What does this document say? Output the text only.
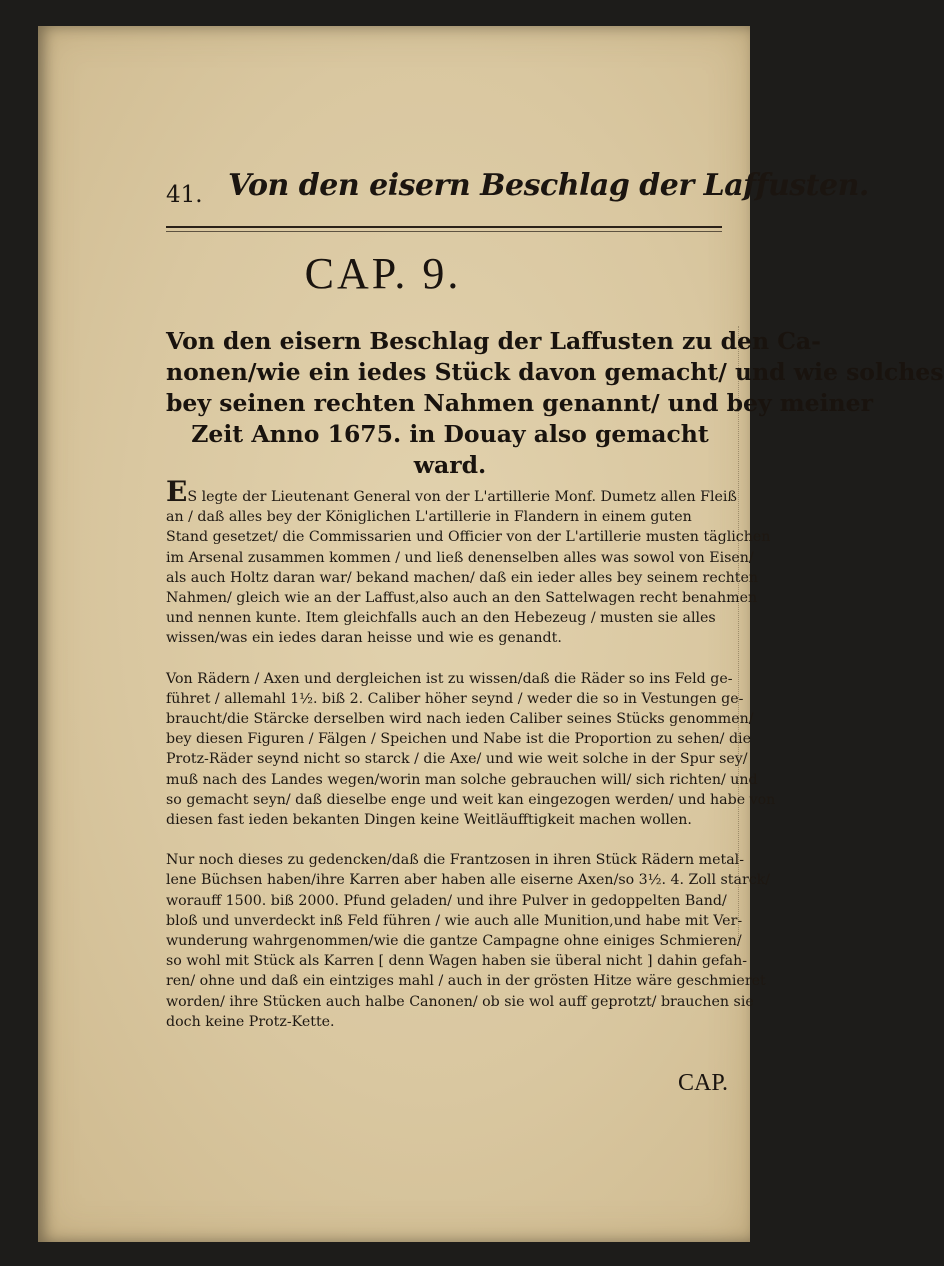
41. Von den eisern Beschlag der Laffusten.
CAP. 9.
Von den eisern Beschlag der Laffusten zu den Ca-
nonen/wie ein iedes Stück davon gemacht/ und wie solches
bey seinen rechten Nahmen genannt/ und bey meiner
Zeit Anno 1675. in Douay also gemacht
ward.
ES legte der Lieutenant General von der L'artillerie Monf. Dumetz allen Fleiß
an / daß alles bey der Königlichen L'artillerie in Flandern in einem guten
Stand gesetzet/ die Commissarien und Officier von der L'artillerie musten täglichen
im Arsenal zusammen kommen / und ließ denenselben alles was sowol von Eisen/
als auch Holtz daran war/ bekand machen/ daß ein ieder alles bey seinem rechten
Nahmen/ gleich wie an der Laffust,also auch an den Sattelwagen recht benahmen
und nennen kunte. Item gleichfalls auch an den Hebezeug / musten sie alles
wissen/was ein iedes daran heisse und wie es genandt.
Von Rädern / Axen und dergleichen ist zu wissen/daß die Räder so ins Feld ge-
führet / allemahl 1½. biß 2. Caliber höher seynd / weder die so in Vestungen ge-
braucht/die Stärcke derselben wird nach ieden Caliber seines Stücks genommen/
bey diesen Figuren / Fälgen / Speichen und Nabe ist die Proportion zu sehen/ die
Protz-Räder seynd nicht so starck / die Axe/ und wie weit solche in der Spur sey/
muß nach des Landes wegen/worin man solche gebrauchen will/ sich richten/ und
so gemacht seyn/ daß dieselbe enge und weit kan eingezogen werden/ und habe von
diesen fast ieden bekanten Dingen keine Weitläufftigkeit machen wollen.
Nur noch dieses zu gedencken/daß die Frantzosen in ihren Stück Rädern metal-
lene Büchsen haben/ihre Karren aber haben alle eiserne Axen/so 3½. 4. Zoll starck/
worauff 1500. biß 2000. Pfund geladen/ und ihre Pulver in gedoppelten Band/
bloß und unverdeckt inß Feld führen / wie auch alle Munition,und habe mit Ver-
wunderung wahrgenommen/wie die gantze Campagne ohne einiges Schmieren/
so wohl mit Stück als Karren [ denn Wagen haben sie überal nicht ] dahin gefah-
ren/ ohne und daß ein eintziges mahl / auch in der grösten Hitze wäre geschmieret
worden/ ihre Stücken auch halbe Canonen/ ob sie wol auff geprotzt/ brauchen sie
doch keine Protz-Kette.
CAP.
